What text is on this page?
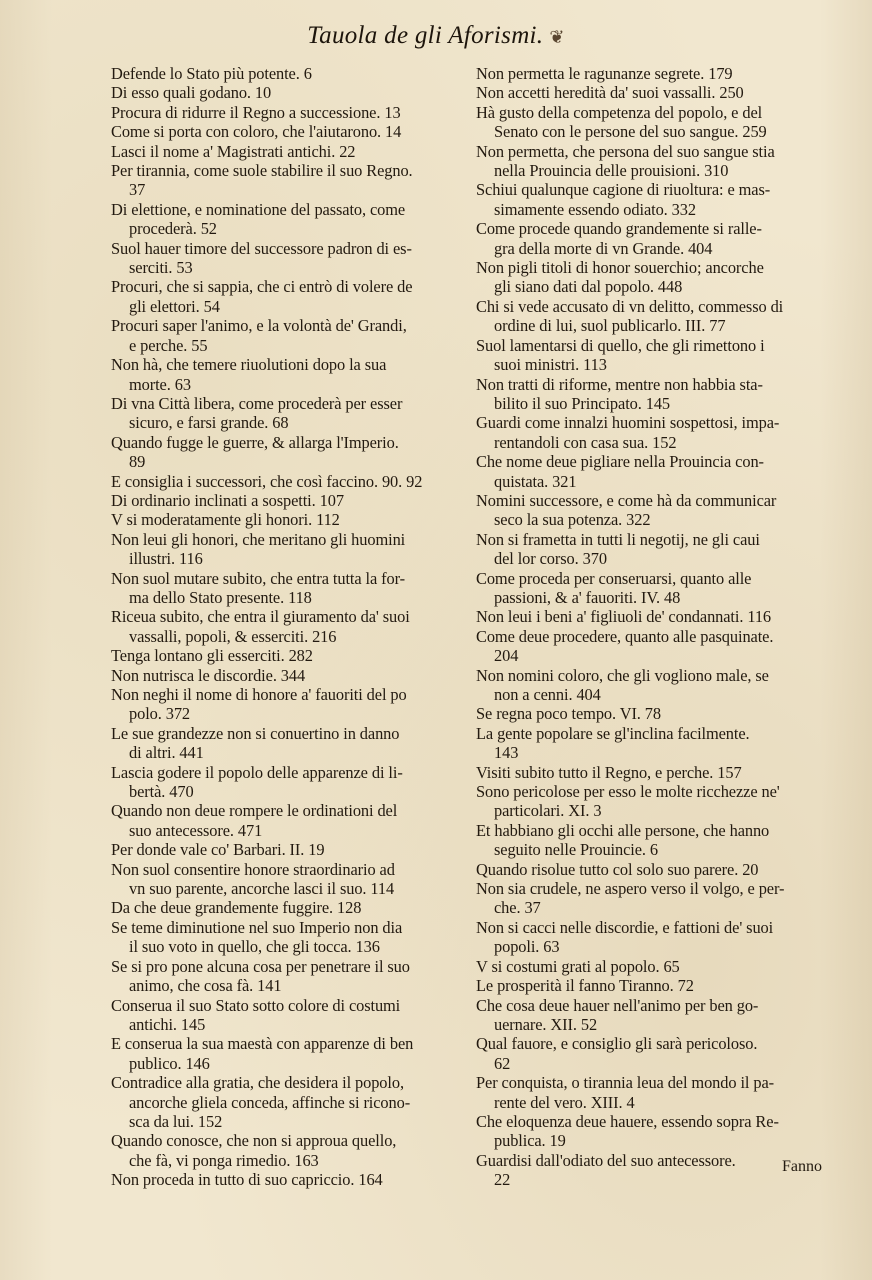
Tauola de gli Aforismi. ❦
Defende lo Stato più potente. 6
Di esso quali godano. 10
Procura di ridurre il Regno a successione. 13
Come si porta con coloro, che l'aiutarono. 14
Lasci il nome a' Magistrati antichi. 22
Per tirannia, come suole stabilire il suo Regno.
37
Di elettione, e nominatione del passato, come
procederà. 52
Suol hauer timore del successore padron di es-
serciti. 53
Procuri, che si sappia, che ci entrò di volere de
gli elettori. 54
Procuri saper l'animo, e la volontà de' Grandi,
e perche. 55
Non hà, che temere riuolutioni dopo la sua
morte. 63
Di vna Città libera, come procederà per esser
sicuro, e farsi grande. 68
Quando fugge le guerre, & allarga l'Imperio.
89
E consiglia i successori, che così faccino. 90. 92
Di ordinario inclinati a sospetti. 107
V si moderatamente gli honori. 112
Non leui gli honori, che meritano gli huomini
illustri. 116
Non suol mutare subito, che entra tutta la for-
ma dello Stato presente. 118
Riceua subito, che entra il giuramento da' suoi
vassalli, popoli, & esserciti. 216
Tenga lontano gli esserciti. 282
Non nutrisca le discordie. 344
Non neghi il nome di honore a' fauoriti del po
polo. 372
Le sue grandezze non si conuertino in danno
di altri. 441
Lascia godere il popolo delle apparenze di li-
bertà. 470
Quando non deue rompere le ordinationi del
suo antecessore. 471
Per donde vale co' Barbari. II. 19
Non suol consentire honore straordinario ad
vn suo parente, ancorche lasci il suo. 114
Da che deue grandemente fuggire. 128
Se teme diminutione nel suo Imperio non dia
il suo voto in quello, che gli tocca. 136
Se si pro pone alcuna cosa per penetrare il suo
animo, che cosa fà. 141
Conserua il suo Stato sotto colore di costumi
antichi. 145
E conserua la sua maestà con apparenze di ben
publico. 146
Contradice alla gratia, che desidera il popolo,
ancorche gliela conceda, affinche si ricono-
sca da lui. 152
Quando conosce, che non si approua quello,
che fà, vi ponga rimedio. 163
Non proceda in tutto di suo capriccio. 164
Non permetta le ragunanze segrete. 179
Non accetti heredità da' suoi vassalli. 250
Hà gusto della competenza del popolo, e del
Senato con le persone del suo sangue. 259
Non permetta, che persona del suo sangue stia
nella Prouincia delle prouisioni. 310
Schiui qualunque cagione di riuoltura: e mas-
simamente essendo odiato. 332
Come procede quando grandemente si ralle-
gra della morte di vn Grande. 404
Non pigli titoli di honor souerchio; ancorche
gli siano dati dal popolo. 448
Chi si vede accusato di vn delitto, commesso di
ordine di lui, suol publicarlo. III. 77
Suol lamentarsi di quello, che gli rimettono i
suoi ministri. 113
Non tratti di riforme, mentre non habbia sta-
bilito il suo Principato. 145
Guardi come innalzi huomini sospettosi, impa-
rentandoli con casa sua. 152
Che nome deue pigliare nella Prouincia con-
quistata. 321
Nomini successore, e come hà da communicar
seco la sua potenza. 322
Non si frametta in tutti li negotij, ne gli caui
del lor corso. 370
Come proceda per conseruarsi, quanto alle
passioni, & a' fauoriti. IV. 48
Non leui i beni a' figliuoli de' condannati. 116
Come deue procedere, quanto alle pasquinate.
204
Non nomini coloro, che gli vogliono male, se
non a cenni. 404
Se regna poco tempo. VI. 78
La gente popolare se gl'inclina facilmente.
143
Visiti subito tutto il Regno, e perche. 157
Sono pericolose per esso le molte ricchezze ne'
particolari. XI. 3
Et habbiano gli occhi alle persone, che hanno
seguito nelle Prouincie. 6
Quando risolue tutto col solo suo parere. 20
Non sia crudele, ne aspero verso il volgo, e per-
che. 37
Non si cacci nelle discordie, e fattioni de' suoi
popoli. 63
V si costumi grati al popolo. 65
Le prosperità il fanno Tiranno. 72
Che cosa deue hauer nell'animo per ben go-
uernare. XII. 52
Qual fauore, e consiglio gli sarà pericoloso.
62
Per conquista, o tirannia leua del mondo il pa-
rente del vero. XIII. 4
Che eloquenza deue hauere, essendo sopra Re-
publica. 19
Guardisi dall'odiato del suo antecessore.
22
Fanno
